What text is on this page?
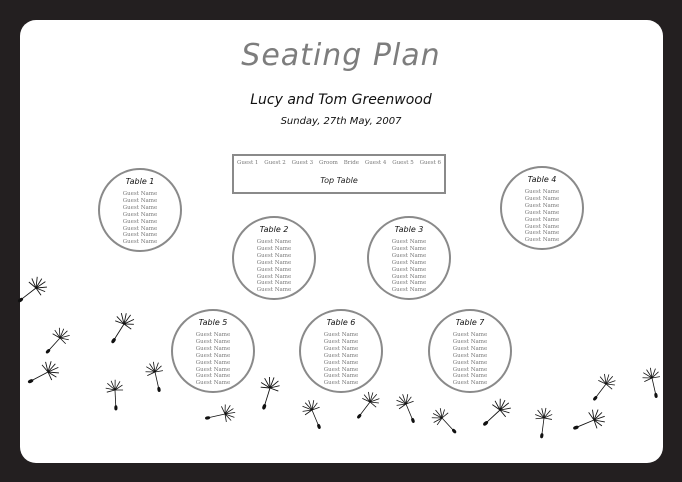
Seating Plan
Lucy and Tom Greenwood
Sunday, 27th May, 2007
Guest 1 Guest 2 Guest 3 Groom Bride Guest 4 Guest 5 Guest 6
Top Table
Table 1
Guest Name
Guest Name
Guest Name
Guest Name
Guest Name
Guest Name
Guest Name
Guest Name
Table 2
Guest Name
Guest Name
Guest Name
Guest Name
Guest Name
Guest Name
Guest Name
Guest Name
Table 3
Guest Name
Guest Name
Guest Name
Guest Name
Guest Name
Guest Name
Guest Name
Guest Name
Table 4
Guest Name
Guest Name
Guest Name
Guest Name
Guest Name
Guest Name
Guest Name
Guest Name
Table 5
Guest Name
Guest Name
Guest Name
Guest Name
Guest Name
Guest Name
Guest Name
Guest Name
Table 6
Guest Name
Guest Name
Guest Name
Guest Name
Guest Name
Guest Name
Guest Name
Guest Name
Table 7
Guest Name
Guest Name
Guest Name
Guest Name
Guest Name
Guest Name
Guest Name
Guest Name
